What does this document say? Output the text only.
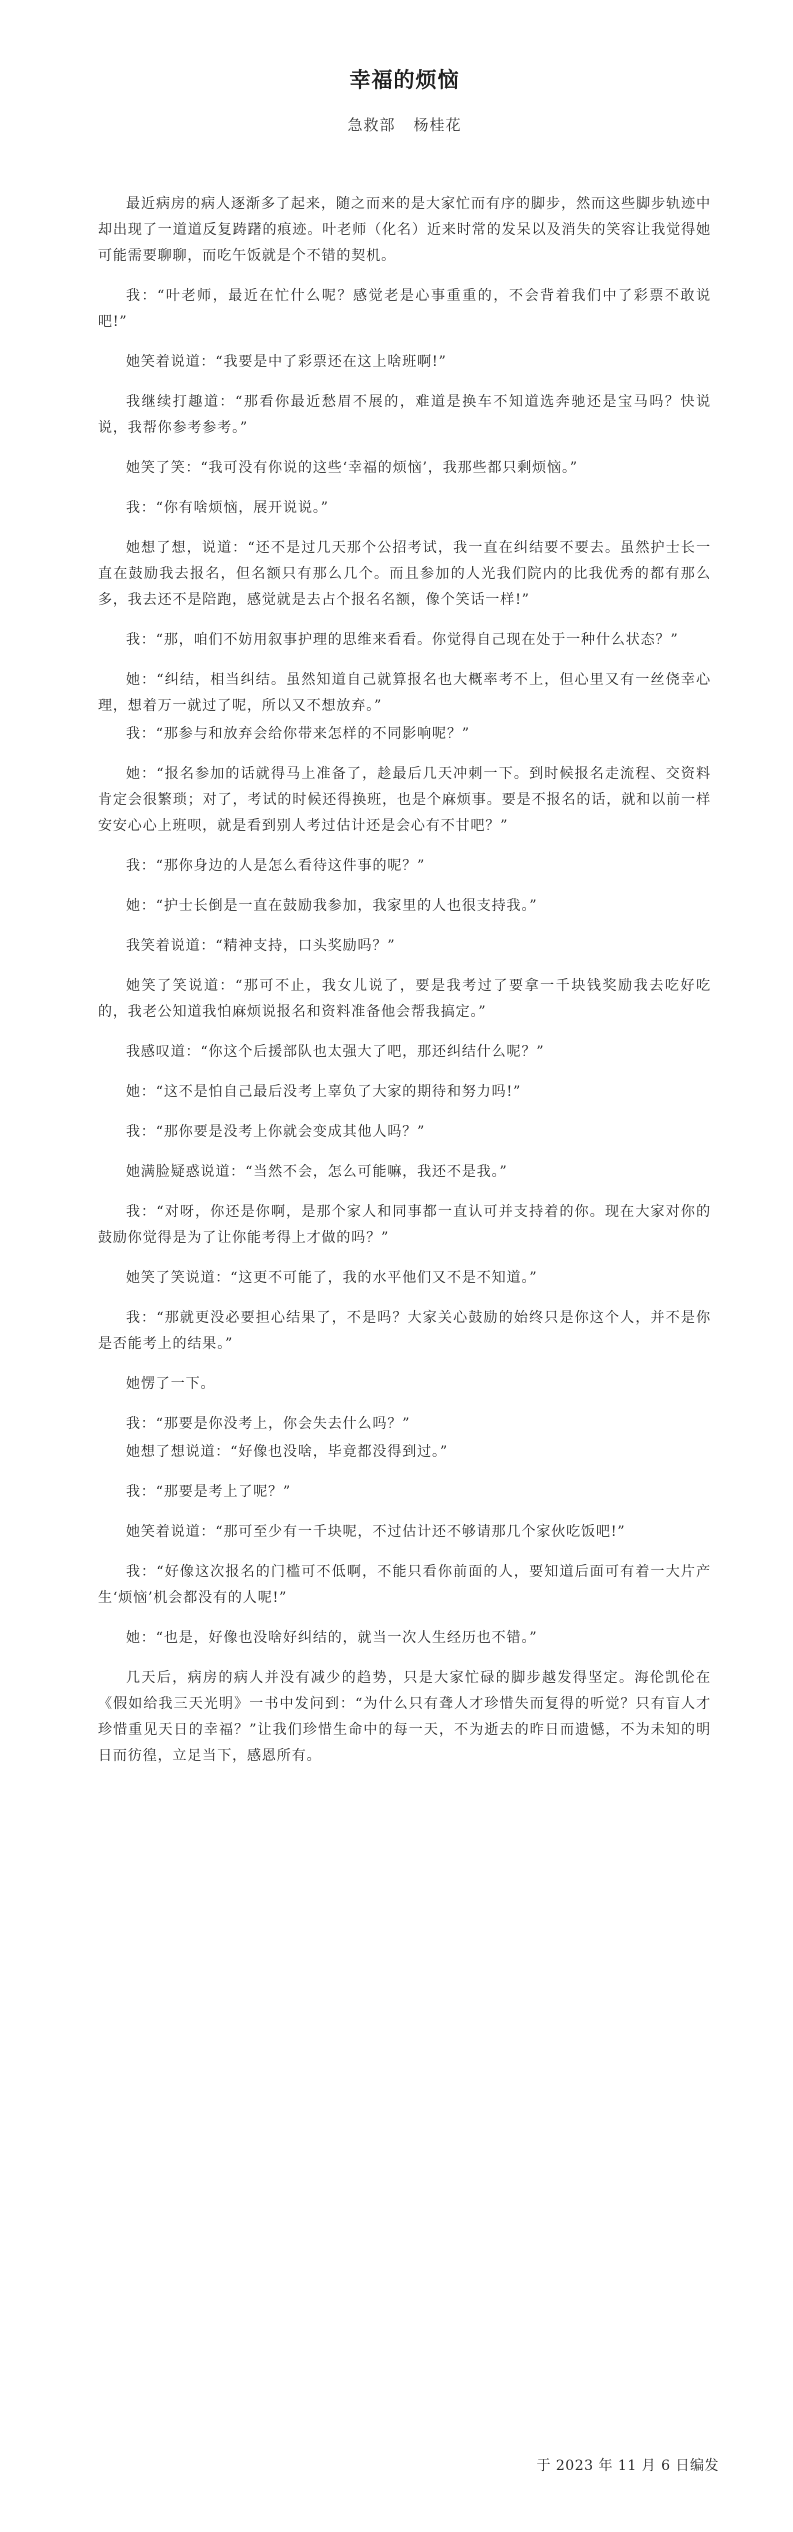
幸福的烦恼
急救部 杨桂花

最近病房的病人逐渐多了起来，随之而来的是大家忙而有序的脚步，然而这些脚步轨迹中却出现了一道道反复踌躇的痕迹。叶老师（化名）近来时常的发呆以及消失的笑容让我觉得她可能需要聊聊，而吃午饭就是个不错的契机。

我：“叶老师，最近在忙什么呢？感觉老是心事重重的，不会背着我们中了彩票不敢说吧!”

她笑着说道：“我要是中了彩票还在这上啥班啊!”

我继续打趣道：“那看你最近愁眉不展的，难道是换车不知道选奔驰还是宝马吗？快说说，我帮你参考参考。”

她笑了笑：“我可没有你说的这些‘幸福的烦恼’，我那些都只剩烦恼。”

我：“你有啥烦恼，展开说说。”

她想了想，说道：“还不是过几天那个公招考试，我一直在纠结要不要去。虽然护士长一直在鼓励我去报名，但名额只有那么几个。而且参加的人光我们院内的比我优秀的都有那么多，我去还不是陪跑，感觉就是去占个报名名额，像个笑话一样!”

我：“那，咱们不妨用叙事护理的思维来看看。你觉得自己现在处于一种什么状态？”

她：“纠结，相当纠结。虽然知道自己就算报名也大概率考不上，但心里又有一丝侥幸心理，想着万一就过了呢，所以又不想放弃。”

我：“那参与和放弃会给你带来怎样的不同影响呢？”

她：“报名参加的话就得马上准备了，趁最后几天冲刺一下。到时候报名走流程、交资料肯定会很繁琐；对了，考试的时候还得换班，也是个麻烦事。要是不报名的话，就和以前一样安安心心上班呗，就是看到别人考过估计还是会心有不甘吧？”

我：“那你身边的人是怎么看待这件事的呢？”

她：“护士长倒是一直在鼓励我参加，我家里的人也很支持我。”

我笑着说道：“精神支持，口头奖励吗？”

她笑了笑说道：“那可不止，我女儿说了，要是我考过了要拿一千块钱奖励我去吃好吃的，我老公知道我怕麻烦说报名和资料准备他会帮我搞定。”

我感叹道：“你这个后援部队也太强大了吧，那还纠结什么呢？”

她：“这不是怕自己最后没考上辜负了大家的期待和努力吗!”

我：“那你要是没考上你就会变成其他人吗？”

她满脸疑惑说道：“当然不会，怎么可能嘛，我还不是我。”

我：“对呀，你还是你啊，是那个家人和同事都一直认可并支持着的你。现在大家对你的鼓励你觉得是为了让你能考得上才做的吗？”

她笑了笑说道：“这更不可能了，我的水平他们又不是不知道。”

我：“那就更没必要担心结果了，不是吗？大家关心鼓励的始终只是你这个人，并不是你是否能考上的结果。”

她愣了一下。

我：“那要是你没考上，你会失去什么吗？”

她想了想说道：“好像也没啥，毕竟都没得到过。”

我：“那要是考上了呢？”

她笑着说道：“那可至少有一千块呢，不过估计还不够请那几个家伙吃饭吧!”

我：“好像这次报名的门槛可不低啊，不能只看你前面的人，要知道后面可有着一大片产生‘烦恼’机会都没有的人呢!”

她：“也是，好像也没啥好纠结的，就当一次人生经历也不错。”

几天后，病房的病人并没有减少的趋势，只是大家忙碌的脚步越发得坚定。海伦凯伦在《假如给我三天光明》一书中发问到：“为什么只有聋人才珍惜失而复得的听觉？只有盲人才珍惜重见天日的幸福？”让我们珍惜生命中的每一天，不为逝去的昨日而遗憾，不为未知的明日而彷徨，立足当下，感恩所有。

于 2023 年 11 月 6 日编发
